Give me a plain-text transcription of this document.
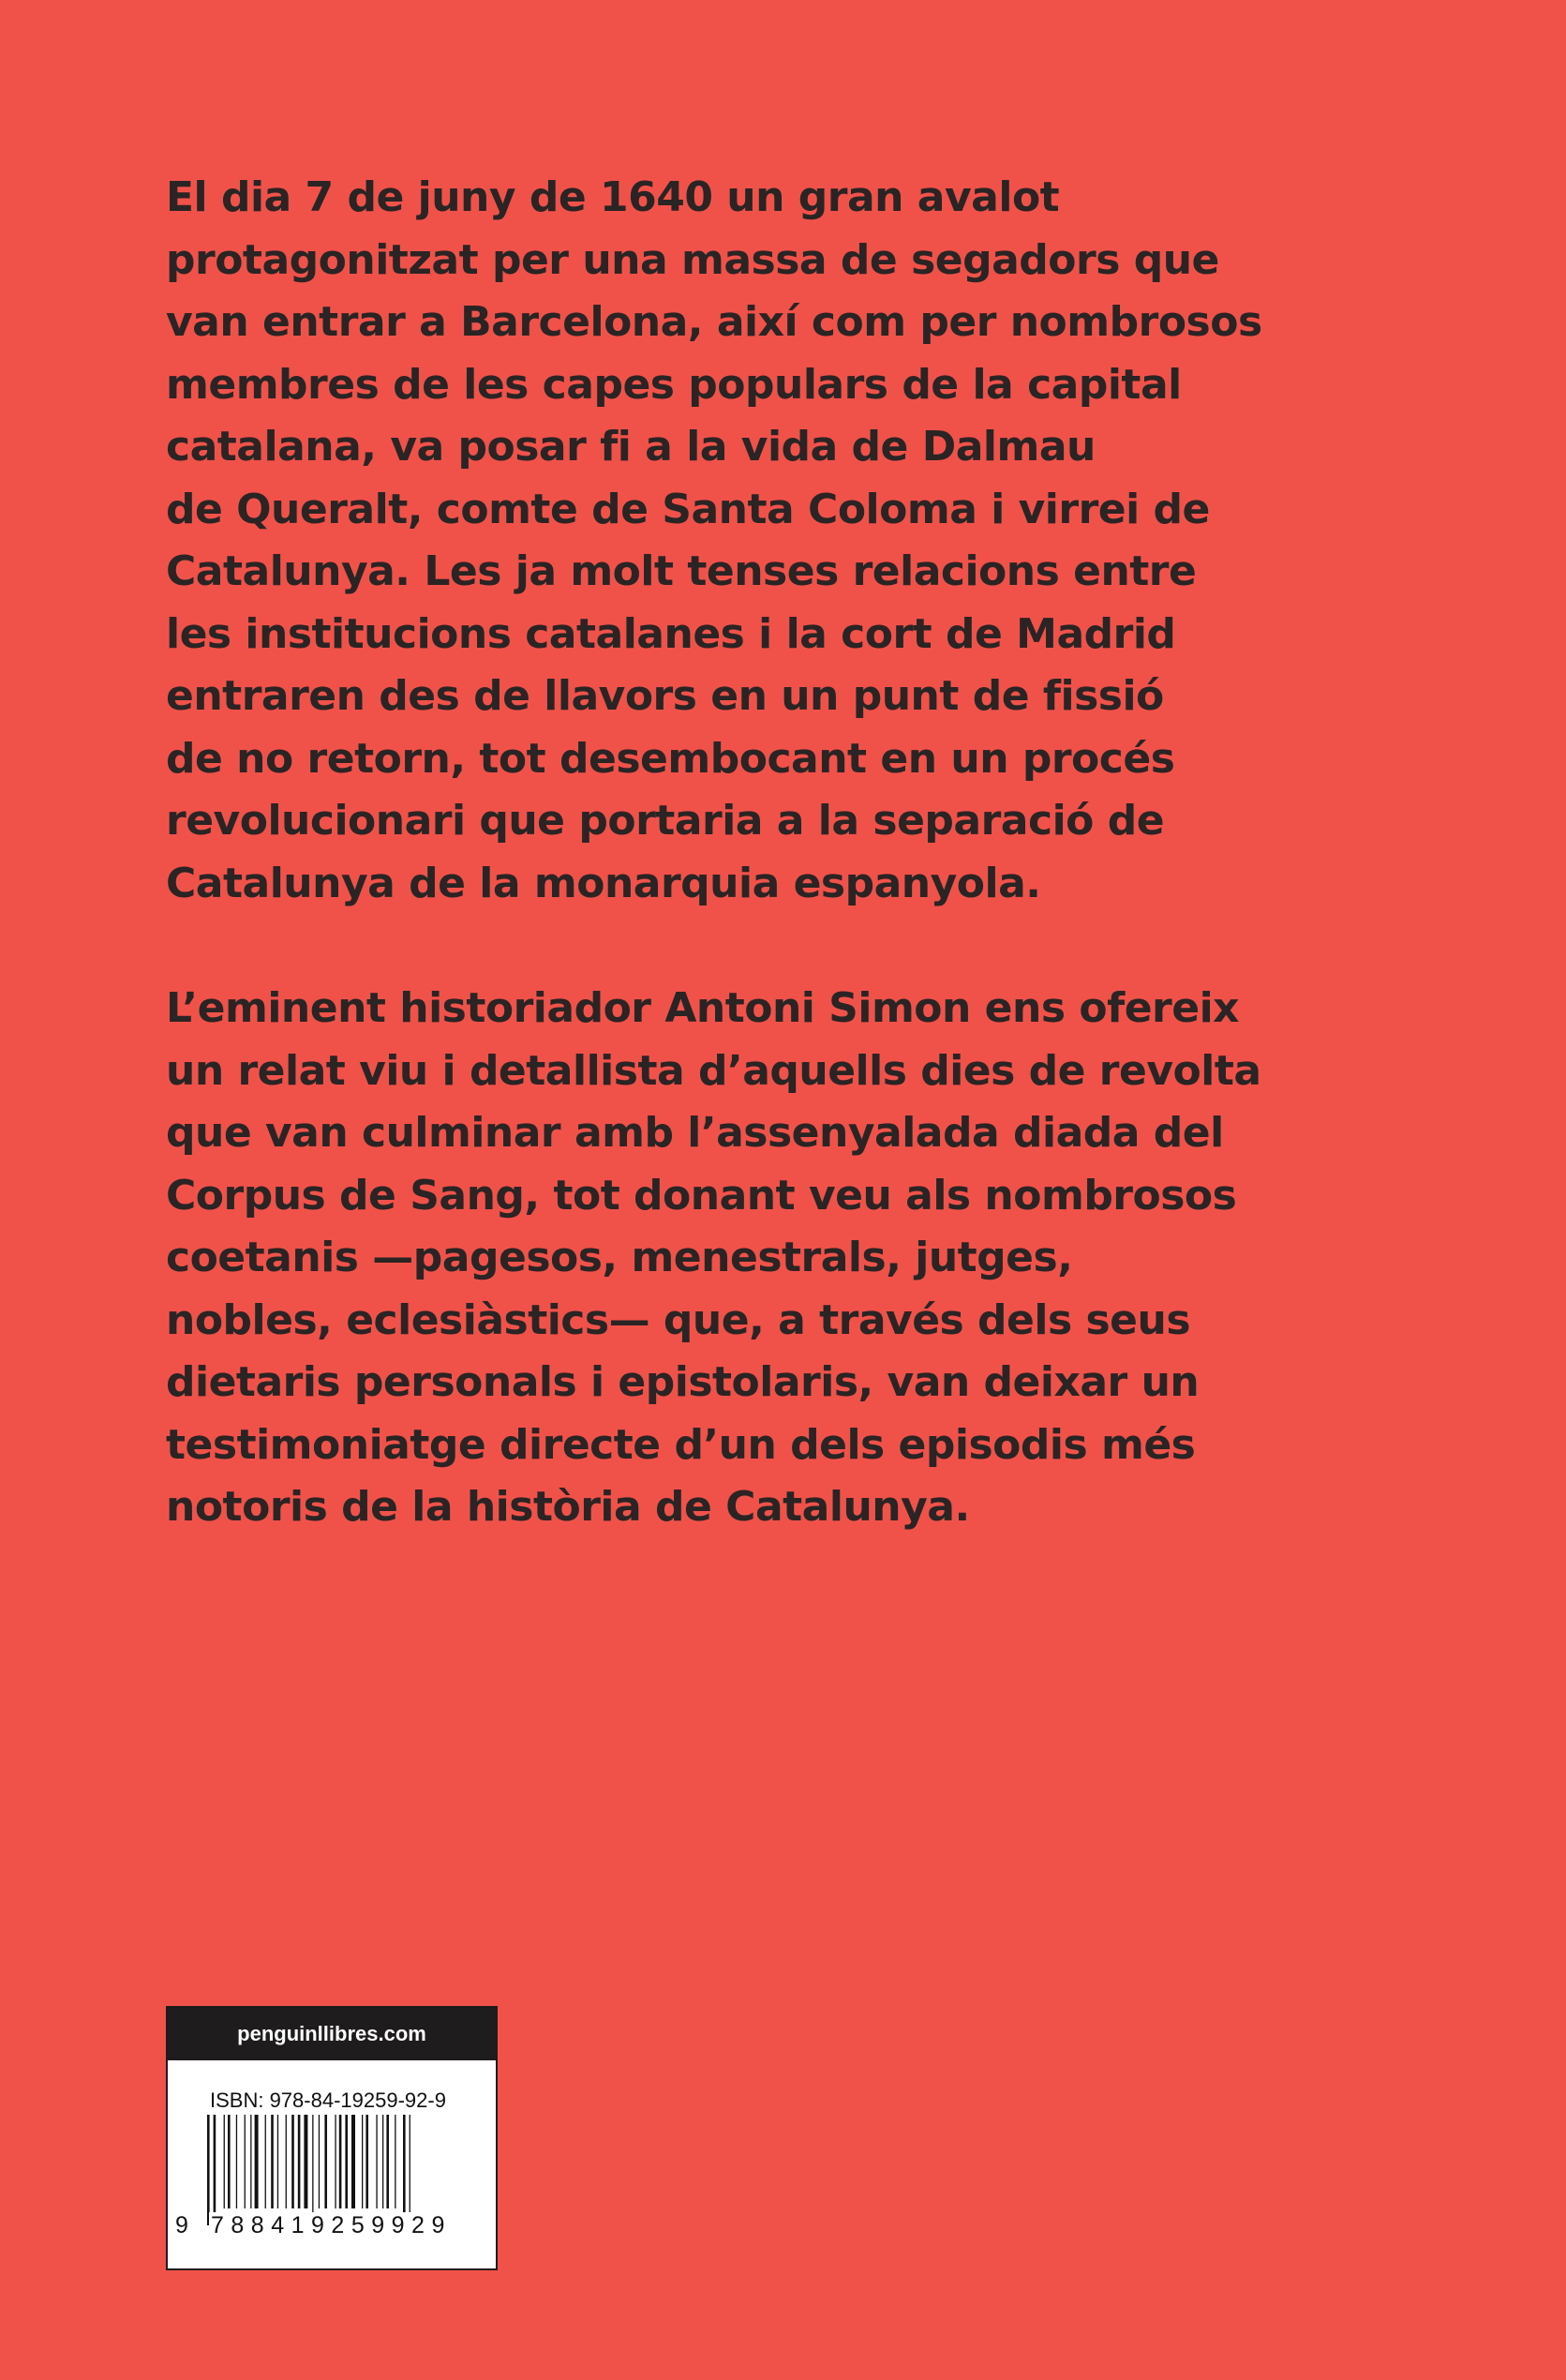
El dia 7 de juny de 1640 un gran avalot
protagonitzat per una massa de segadors que
van entrar a Barcelona, així com per nombrosos
membres de les capes populars de la capital
catalana, va posar fi a la vida de Dalmau
de Queralt, comte de Santa Coloma i virrei de
Catalunya. Les ja molt tenses relacions entre
les institucions catalanes i la cort de Madrid
entraren des de llavors en un punt de fissió
de no retorn, tot desembocant en un procés
revolucionari que portaria a la separació de
Catalunya de la monarquia espanyola.
L’eminent historiador Antoni Simon ens ofereix
un relat viu i detallista d’aquells dies de revolta
que van culminar amb l’assenyalada diada del
Corpus de Sang, tot donant veu als nombrosos
coetanis —pagesos, menestrals, jutges,
nobles, eclesiàstics— que, a través dels seus
dietaris personals i epistolaris, van deixar un
testimoniatge directe d’un dels episodis més
notoris de la història de Catalunya.
penguinllibres.com
ISBN: 978-84-19259-92-9
9 788419259929
